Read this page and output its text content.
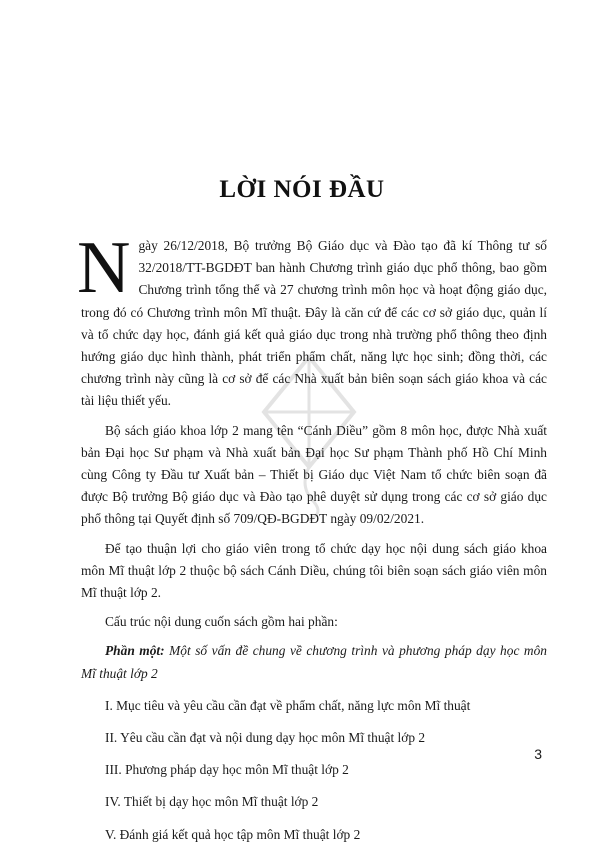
LỜI NÓI ĐẦU

Ngày 26/12/2018, Bộ trưởng Bộ Giáo dục và Đào tạo đã kí Thông tư số 32/2018/TT-BGDĐT ban hành Chương trình giáo dục phổ thông, bao gồm Chương trình tổng thể và 27 chương trình môn học và hoạt động giáo dục, trong đó có Chương trình môn Mĩ thuật. Đây là căn cứ để các cơ sở giáo dục, quản lí và tổ chức dạy học, đánh giá kết quả giáo dục trong nhà trường phổ thông theo định hướng giáo dục hình thành, phát triển phẩm chất, năng lực học sinh; đồng thời, các chương trình này cũng là cơ sở để các Nhà xuất bản biên soạn sách giáo khoa và các tài liệu thiết yếu.

Bộ sách giáo khoa lớp 2 mang tên “Cánh Diều” gồm 8 môn học, được Nhà xuất bản Đại học Sư phạm và Nhà xuất bản Đại học Sư phạm Thành phố Hồ Chí Minh cùng Công ty Đầu tư Xuất bản – Thiết bị Giáo dục Việt Nam tổ chức biên soạn đã được Bộ trưởng Bộ giáo dục và Đào tạo phê duyệt sử dụng trong các cơ sở giáo dục phổ thông tại Quyết định số 709/QĐ-BGDĐT ngày 09/02/2021.

Để tạo thuận lợi cho giáo viên trong tổ chức dạy học nội dung sách giáo khoa môn Mĩ thuật lớp 2 thuộc bộ sách Cánh Diều, chúng tôi biên soạn sách giáo viên môn Mĩ thuật lớp 2.

Cấu trúc nội dung cuốn sách gồm hai phần:

Phần một: Một số vấn đề chung về chương trình và phương pháp dạy học môn Mĩ thuật lớp 2

I. Mục tiêu và yêu cầu cần đạt về phẩm chất, năng lực môn Mĩ thuật

II. Yêu cầu cần đạt và nội dung dạy học môn Mĩ thuật lớp 2

III. Phương pháp dạy học môn Mĩ thuật lớp 2

IV. Thiết bị dạy học môn Mĩ thuật lớp 2

V. Đánh giá kết quả học tập môn Mĩ thuật lớp 2

3
